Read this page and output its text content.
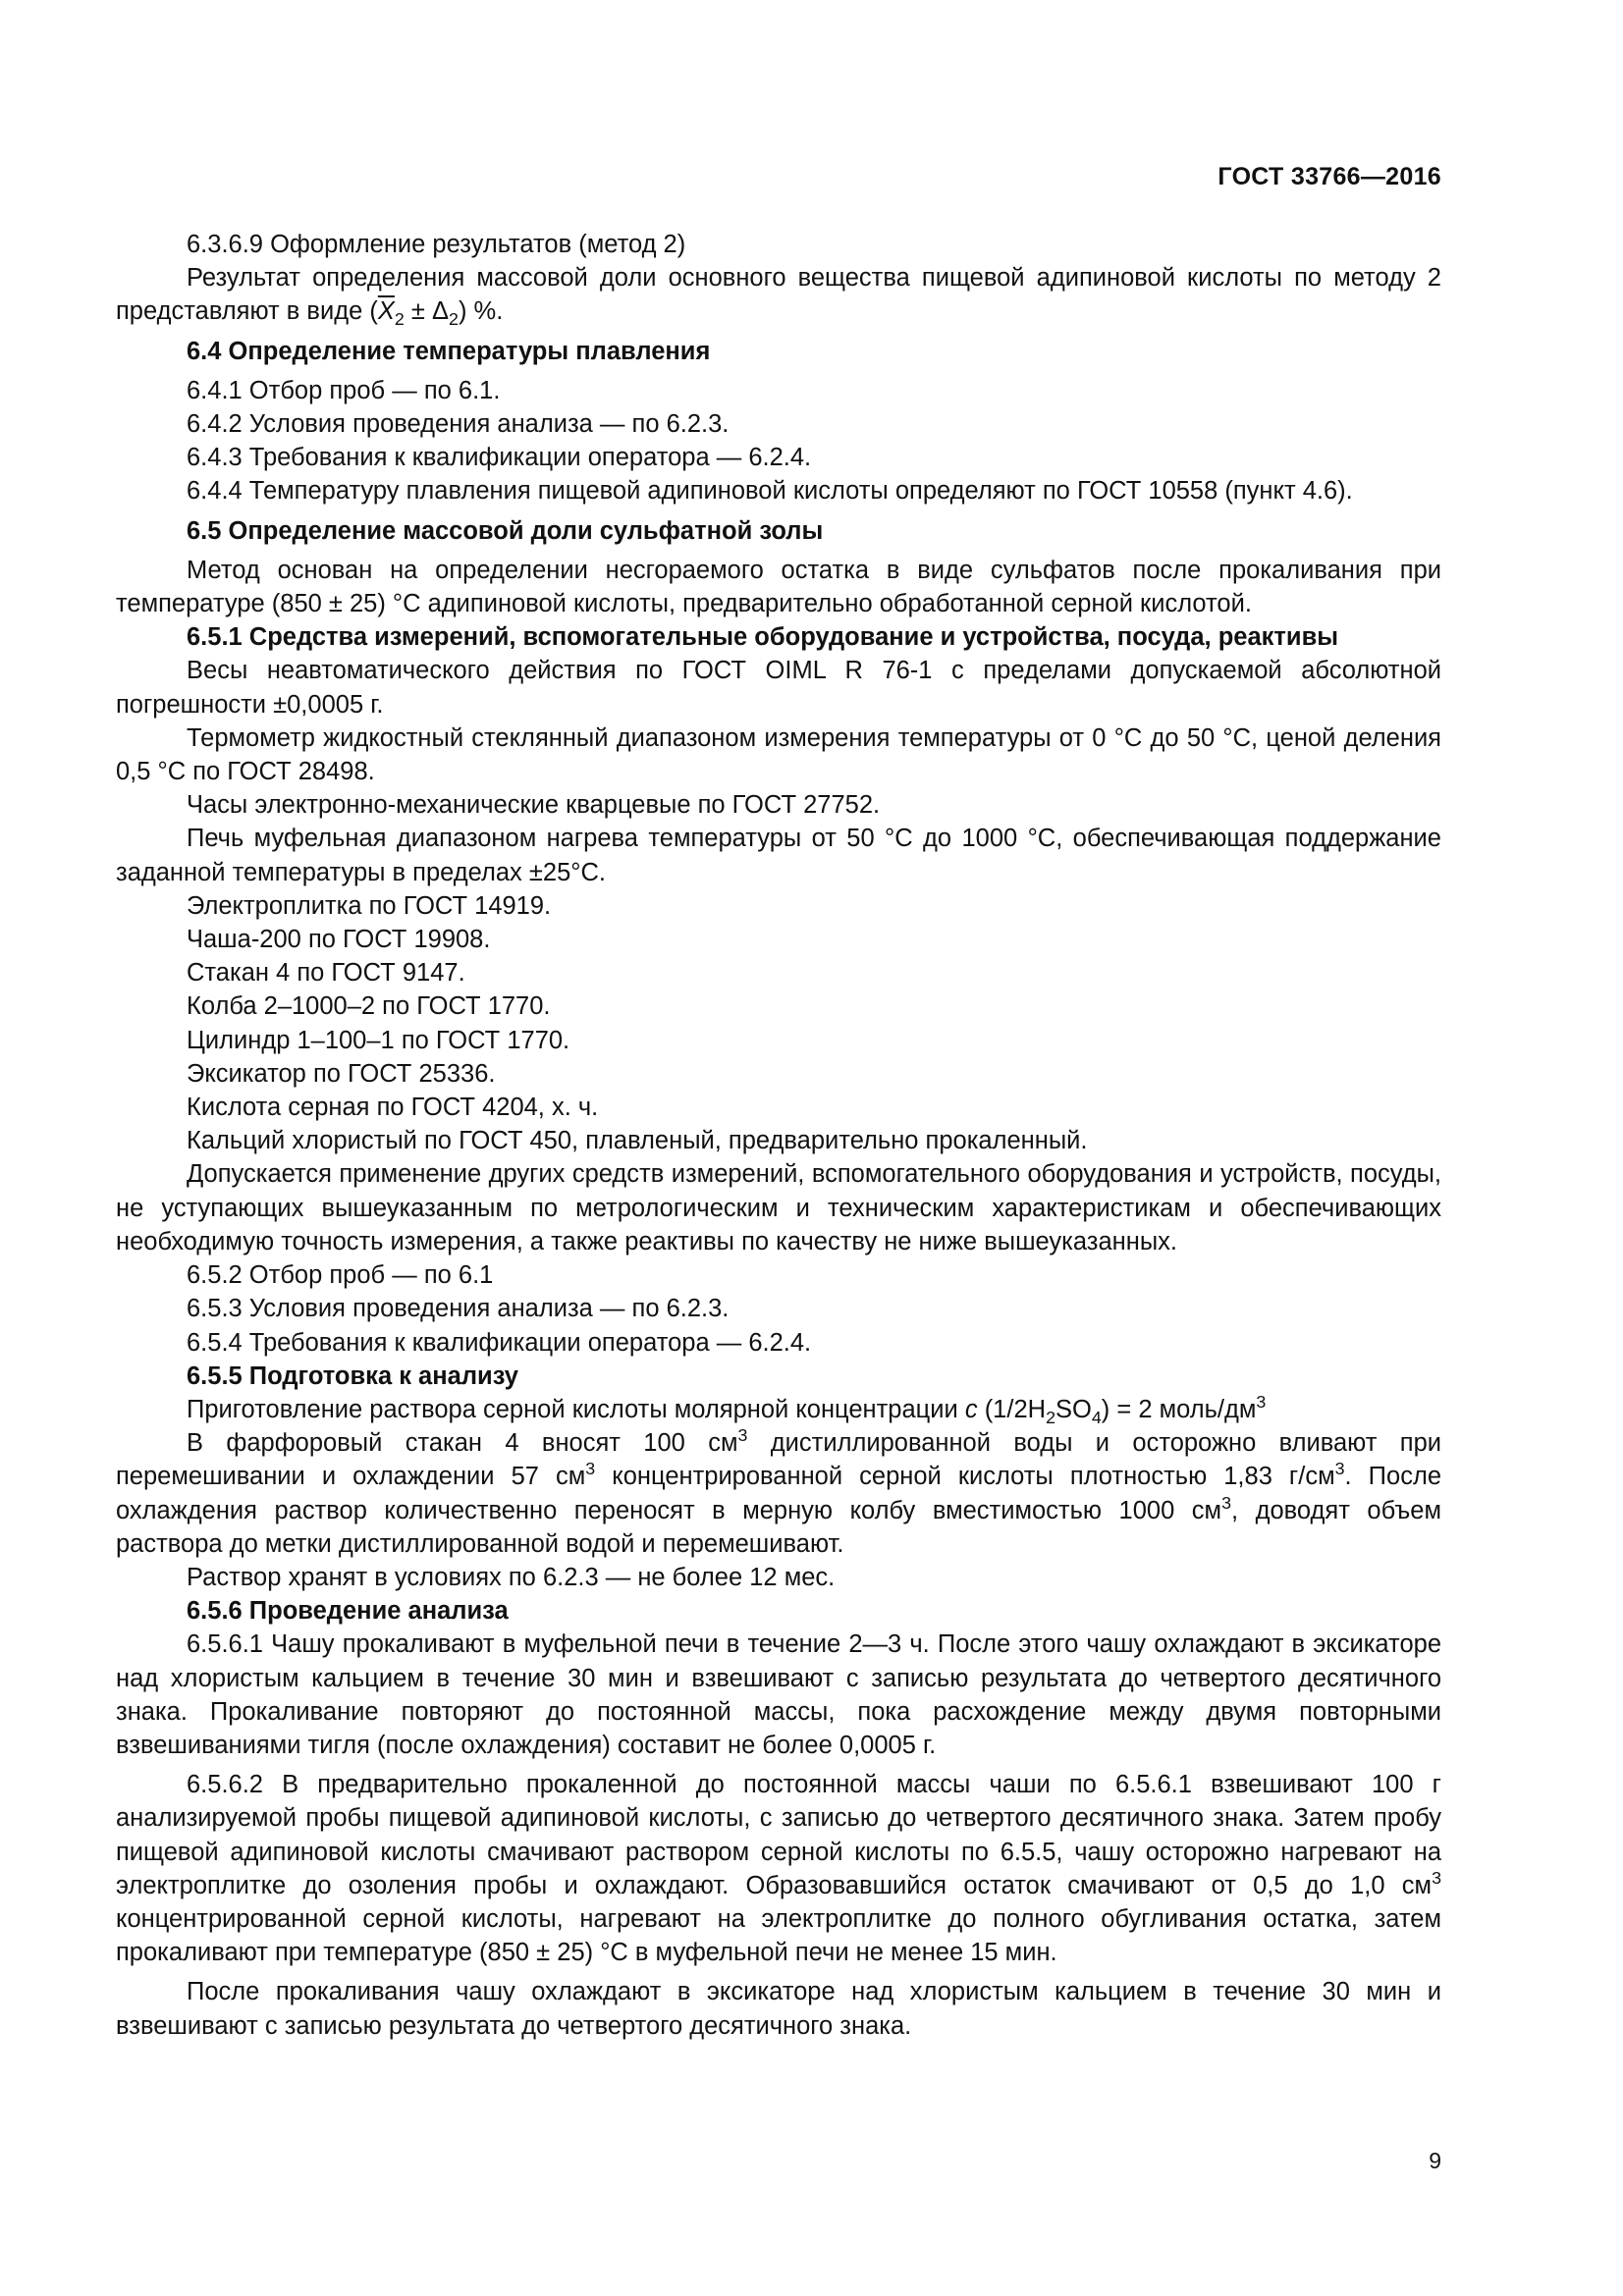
ГОСТ 33766—2016

6.3.6.9 Оформление результатов (метод 2)

Результат определения массовой доли основного вещества пищевой адипиновой кислоты по методу 2 представляют в виде $(\overline{X}_2 \pm \Delta_2)$ %.

6.4 Определение температуры плавления

6.4.1 Отбор проб — по 6.1.

6.4.2 Условия проведения анализа — по 6.2.3.

6.4.3 Требования к квалификации оператора — 6.2.4.

6.4.4 Температуру плавления пищевой адипиновой кислоты определяют по ГОСТ 10558 (пункт 4.6).

6.5 Определение массовой доли сульфатной золы

Метод основан на определении несгораемого остатка в виде сульфатов после прокаливания при температуре (850 ± 25) °С адипиновой кислоты, предварительно обработанной серной кислотой.

6.5.1 Средства измерений, вспомогательные оборудование и устройства, посуда, реактивы

Весы неавтоматического действия по ГОСТ OIML R 76-1 с пределами допускаемой абсолютной погрешности ±0,0005 г.

Термометр жидкостный стеклянный диапазоном измерения температуры от 0 °С до 50 °С, ценой деления 0,5 °С по ГОСТ 28498.

Часы электронно-механические кварцевые по ГОСТ 27752.

Печь муфельная диапазоном нагрева температуры от 50 °С до 1000 °С, обеспечивающая поддержание заданной температуры в пределах ±25°С.

Электроплитка по ГОСТ 14919.

Чаша-200 по ГОСТ 19908.

Стакан 4 по ГОСТ 9147.

Колба 2–1000–2 по ГОСТ 1770.

Цилиндр 1–100–1 по ГОСТ 1770.

Эксикатор по ГОСТ 25336.

Кислота серная по ГОСТ 4204, х. ч.

Кальций хлористый по ГОСТ 450, плавленый, предварительно прокаленный.

Допускается применение других средств измерений, вспомогательного оборудования и устройств, посуды, не уступающих вышеуказанным по метрологическим и техническим характеристикам и обеспечивающих необходимую точность измерения, а также реактивы по качеству не ниже вышеуказанных.

6.5.2 Отбор проб — по 6.1

6.5.3 Условия проведения анализа — по 6.2.3.

6.5.4 Требования к квалификации оператора — 6.2.4.

6.5.5 Подготовка к анализу

Приготовление раствора серной кислоты молярной концентрации с $(1/2H_2SO_4) = 2$ моль/$дм^3$

В фарфоровый стакан 4 вносят 100 $см^3$ дистиллированной воды и осторожно вливают при перемешивании и охлаждении 57 $см^3$ концентрированной серной кислоты плотностью 1,83 $г/см^3$. После охлаждения раствор количественно переносят в мерную колбу вместимостью 1000 $см^3$, доводят объем раствора до метки дистиллированной водой и перемешивают.

Раствор хранят в условиях по 6.2.3 — не более 12 мес.

6.5.6 Проведение анализа

6.5.6.1 Чашу прокаливают в муфельной печи в течение 2—3 ч. После этого чашу охлаждают в эксикаторе над хлористым кальцием в течение 30 мин и взвешивают с записью результата до четвертого десятичного знака. Прокаливание повторяют до постоянной массы, пока расхождение между двумя повторными взвешиваниями тигля (после охлаждения) составит не более 0,0005 г.

6.5.6.2 В предварительно прокаленной до постоянной массы чаши по 6.5.6.1 взвешивают 100 г анализируемой пробы пищевой адипиновой кислоты, с записью до четвертого десятичного знака. Затем пробу пищевой адипиновой кислоты смачивают раствором серной кислоты по 6.5.5, чашу осторожно нагревают на электроплитке до озоления пробы и охлаждают. Образовавшийся остаток смачивают от 0,5 до 1,0 $см^3$ концентрированной серной кислоты, нагревают на электроплитке до полного обугливания остатка, затем прокаливают при температуре (850 ± 25) °С в муфельной печи не менее 15 мин.

После прокаливания чашу охлаждают в эксикаторе над хлористым кальцием в течение 30 мин и взвешивают с записью результата до четвертого десятичного знака.

9
